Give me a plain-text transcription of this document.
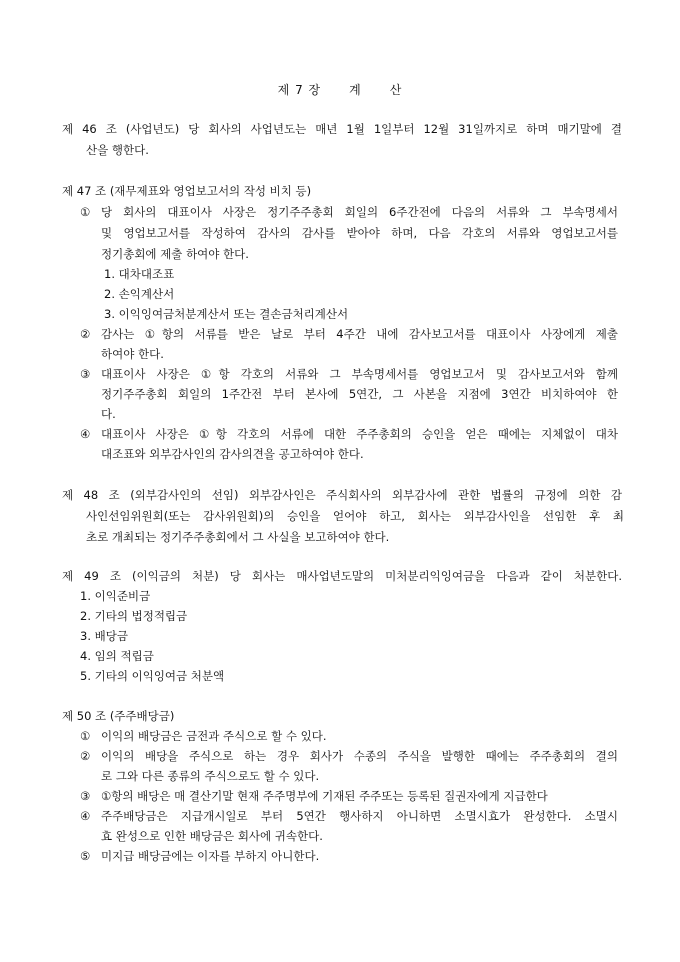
제 7 장 계 산
제 46 조 (사업년도) 당 회사의 사업년도는 매년 1월 1일부터 12월 31일까지로 하며 매기말에 결
산을 행한다.
제 47 조 (재무제표와 영업보고서의 작성 비치 등)
① 당 회사의 대표이사 사장은 정기주주총회 회일의 6주간전에 다음의 서류와 그 부속명세서
및 영업보고서를 작성하여 감사의 감사를 받아야 하며, 다음 각호의 서류와 영업보고서를
정기총회에 제출 하여야 한다.
1. 대차대조표
2. 손익계산서
3. 이익잉여금처분계산서 또는 결손금처리계산서
② 감사는 ①항의 서류를 받은 날로 부터 4주간 내에 감사보고서를 대표이사 사장에게 제출
하여야 한다.
③ 대표이사 사장은 ①항 각호의 서류와 그 부속명세서를 영업보고서 및 감사보고서와 함께
정기주주총회 회일의 1주간전 부터 본사에 5연간, 그 사본을 지점에 3연간 비치하여야 한
다.
④ 대표이사 사장은 ①항 각호의 서류에 대한 주주총회의 승인을 얻은 때에는 지체없이 대차
대조표와 외부감사인의 감사의견을 공고하여야 한다.
제 48 조 (외부감사인의 선임) 외부감사인은 주식회사의 외부감사에 관한 법률의 규정에 의한 감
사인선임위원회(또는 감사위원회)의 승인을 얻어야 하고, 회사는 외부감사인을 선임한 후 최
초로 개최되는 정기주주총회에서 그 사실을 보고하여야 한다.
제 49 조 (이익금의 처분) 당 회사는 매사업년도말의 미처분리익잉여금을 다음과 같이 처분한다.
1. 이익준비금
2. 기타의 법정적립금
3. 배당금
4. 임의 적립금
5. 기타의 이익잉여금 처분액
제 50 조 (주주배당금)
① 이익의 배당금은 금전과 주식으로 할 수 있다.
② 이익의 배당을 주식으로 하는 경우 회사가 수종의 주식을 발행한 때에는 주주총회의 결의
로 그와 다른 종류의 주식으로도 할 수 있다.
③ ①항의 배당은 매 결산기말 현재 주주명부에 기재된 주주또는 등록된 질권자에게 지급한다
④ 주주배당금은 지급개시일로 부터 5연간 행사하지 아니하면 소멸시효가 완성한다. 소멸시
효 완성으로 인한 배당금은 회사에 귀속한다.
⑤ 미지급 배당금에는 이자를 부하지 아니한다.
